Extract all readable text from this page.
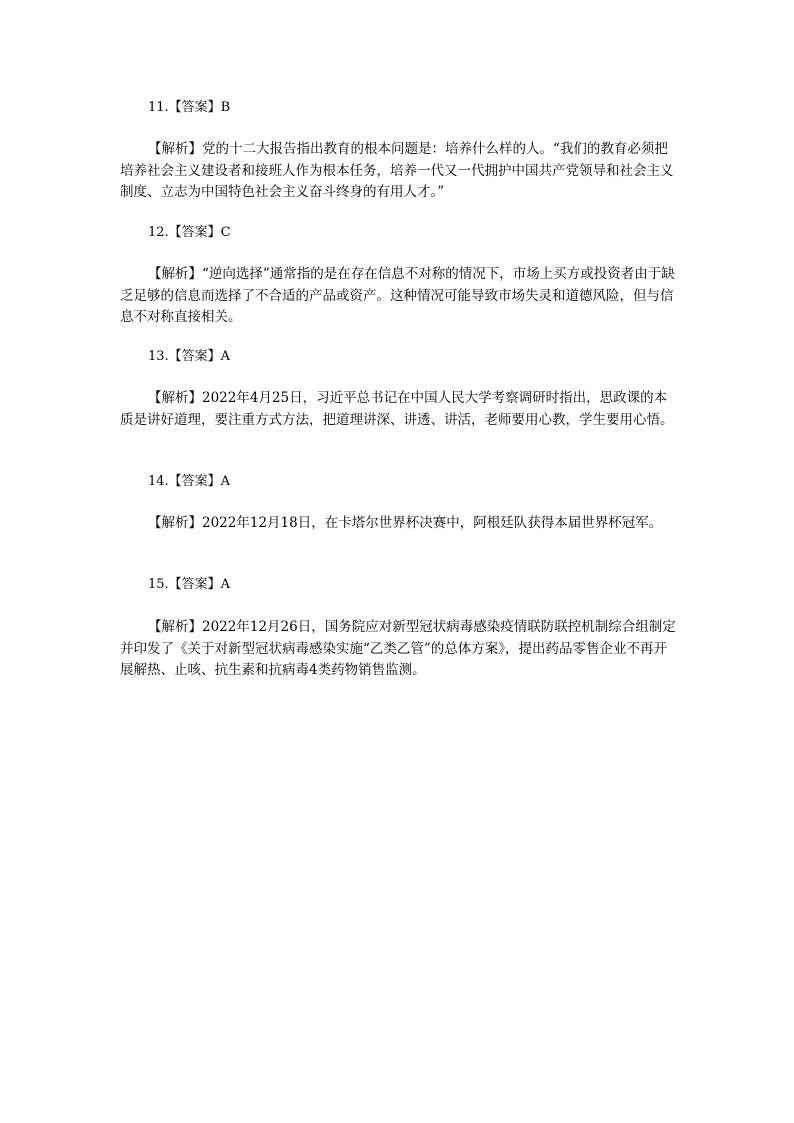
11.【答案】B

【解析】党的十二大报告指出教育的根本问题是：培养什么样的人。“我们的教育必须把培养社会主义建设者和接班人作为根本任务，培养一代又一代拥护中国共产党领导和社会主义制度、立志为中国特色社会主义奋斗终身的有用人才。”

12.【答案】C

【解析】“逆向选择”通常指的是在存在信息不对称的情况下，市场上买方或投资者由于缺乏足够的信息而选择了不合适的产品或资产。这种情况可能导致市场失灵和道德风险，但与信息不对称直接相关。

13.【答案】A

【解析】2022年4月25日，习近平总书记在中国人民大学考察调研时指出，思政课的本质是讲好道理，要注重方式方法，把道理讲深、讲透、讲活，老师要用心教，学生要用心悟。

14.【答案】A

【解析】2022年12月18日，在卡塔尔世界杯决赛中，阿根廷队获得本届世界杯冠军。

15.【答案】A

【解析】2022年12月26日，国务院应对新型冠状病毒感染疫情联防联控机制综合组制定并印发了《关于对新型冠状病毒感染实施“乙类乙管”的总体方案》，提出药品零售企业不再开展解热、止咳、抗生素和抗病毒4类药物销售监测。
